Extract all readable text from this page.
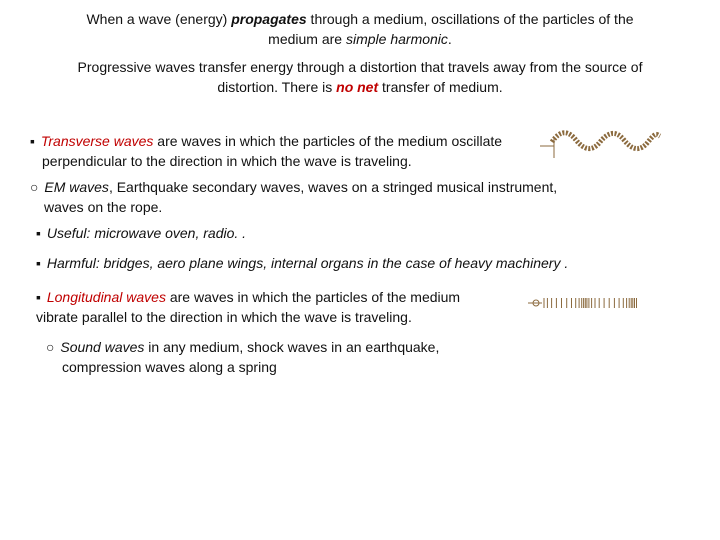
When a wave (energy) propagates through a medium, oscillations of the particles of the
medium are simple harmonic.
Progressive waves transfer energy through a distortion that travels away from the source of
distortion. There is no net transfer of medium.
▪ Transverse waves are waves in which the particles of the medium oscillate
perpendicular to the direction in which the wave is traveling.
○ EM waves, Earthquake secondary waves, waves on a stringed musical instrument,
waves on the rope.
▪ Useful: microwave oven, radio. .
▪ Harmful: bridges, aero plane wings, internal organs in the case of heavy machinery .
▪ Longitudinal waves are waves in which the particles of the medium
vibrate parallel to the direction in which the wave is traveling.
○ Sound waves in any medium, shock waves in an earthquake,
compression waves along a spring
